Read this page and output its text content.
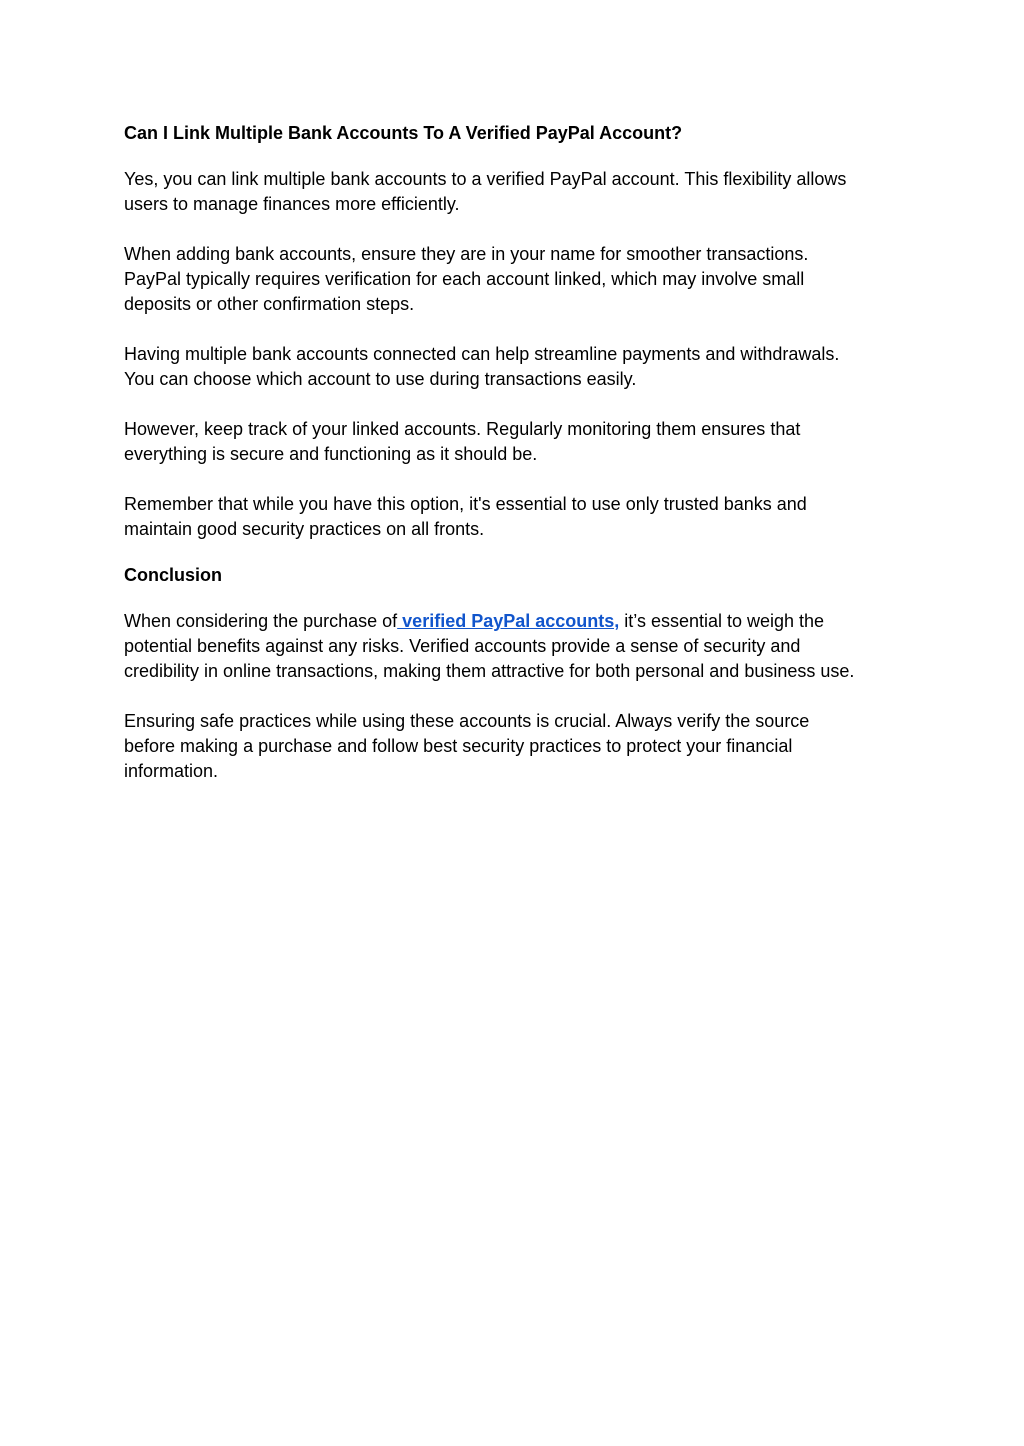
Can I Link Multiple Bank Accounts To A Verified PayPal Account?

Yes, you can link multiple bank accounts to a verified PayPal account. This flexibility allows
users to manage finances more efficiently.

When adding bank accounts, ensure they are in your name for smoother transactions.
PayPal typically requires verification for each account linked, which may involve small
deposits or other confirmation steps.

Having multiple bank accounts connected can help streamline payments and withdrawals.
You can choose which account to use during transactions easily.

However, keep track of your linked accounts. Regularly monitoring them ensures that
everything is secure and functioning as it should be.

Remember that while you have this option, it's essential to use only trusted banks and
maintain good security practices on all fronts.

Conclusion

When considering the purchase of verified PayPal accounts, it’s essential to weigh the
potential benefits against any risks. Verified accounts provide a sense of security and
credibility in online transactions, making them attractive for both personal and business use.

Ensuring safe practices while using these accounts is crucial. Always verify the source
before making a purchase and follow best security practices to protect your financial
information.
